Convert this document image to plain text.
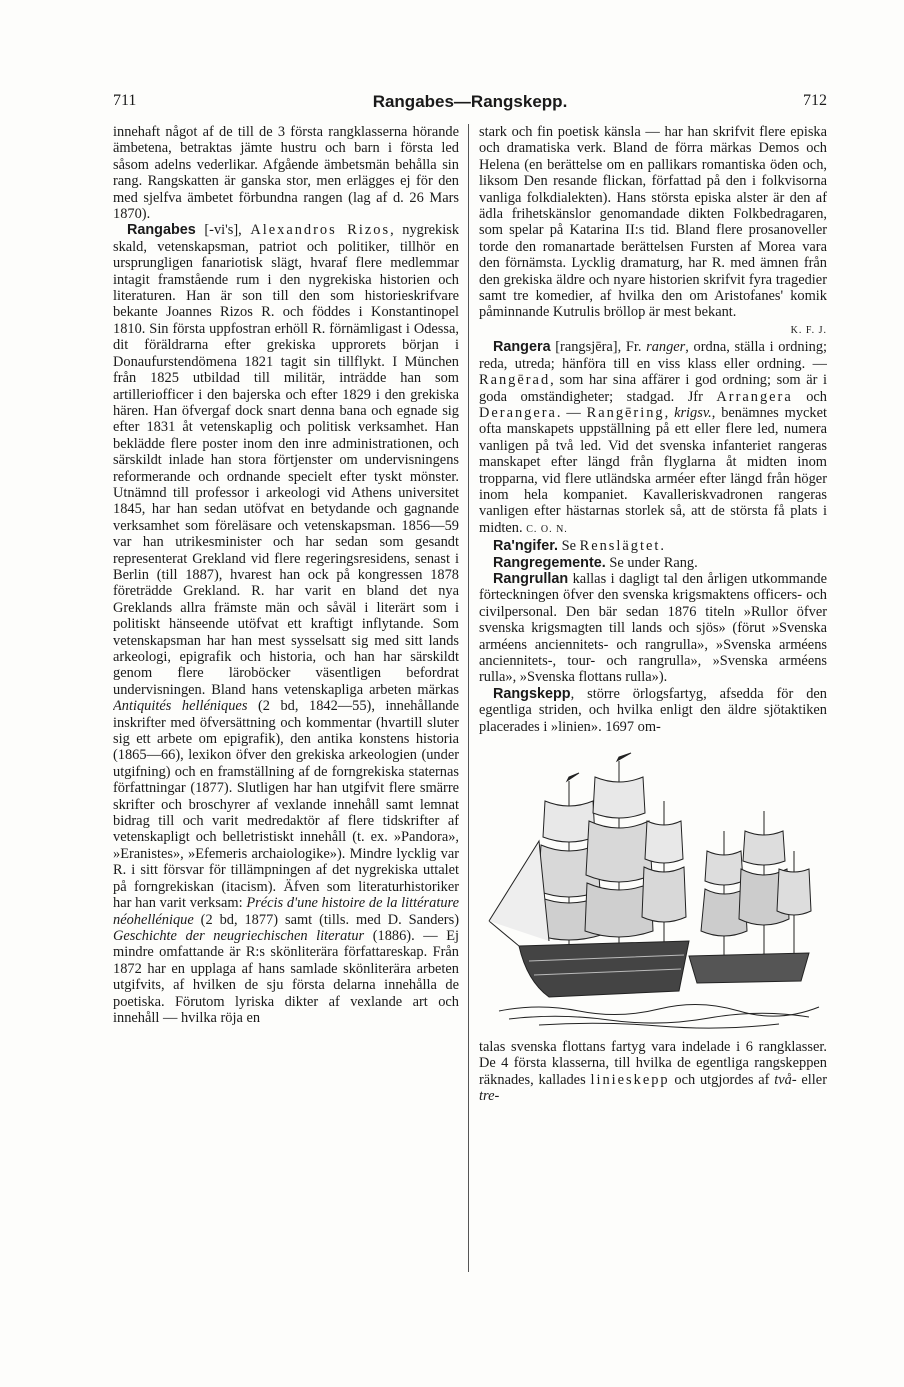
711	Rangabes—Rangskepp.	712

innehaft något af de till de 3 första rangklasserna hörande ämbetena, betraktas jämte hustru och barn i första led såsom adelns vederlikar. Afgående ämbetsmän behålla sin rang. Rangskatten är ganska stor, men erlägges ej för den med sjelfva ämbetet förbundna rangen (lag af d. 26 Mars 1870).

Rangabes [-vi's], Alexandros Rizos, nygrekisk skald, vetenskapsman, patriot och politiker, tillhör en ursprungligen fanariotisk slägt, hvaraf flere medlemmar intagit framstående rum i den nygrekiska historien och literaturen. Han är son till den som historieskrifvare bekante Joannes Rizos R. och föddes i Konstantinopel 1810. Sin första uppfostran erhöll R. förnämligast i Odessa, dit föräldrarna efter grekiska upprorets början i Donaufurstendömena 1821 tagit sin tillflykt. I München från 1825 utbildad till militär, inträdde han som artilleriofficer i den bajerska och efter 1829 i den grekiska hären. Han öfvergaf dock snart denna bana och egnade sig efter 1831 åt vetenskaplig och politisk verksamhet. Han beklädde flere poster inom den inre administrationen, och särskildt inlade han stora förtjenster om undervisningens reformerande och ordnande specielt efter tyskt mönster. Utnämnd till professor i arkeologi vid Athens universitet 1845, har han sedan utöfvat en betydande och gagnande verksamhet som föreläsare och vetenskapsman. 1856—59 var han utrikesminister och har sedan som gesandt representerat Grekland vid flere regeringsresidens, senast i Berlin (till 1887), hvarest han ock på kongressen 1878 företrädde Grekland. R. har varit en bland det nya Greklands allra främste män och såväl i literärt som i politiskt hänseende utöfvat ett kraftigt inflytande. Som vetenskapsman har han mest sysselsatt sig med sitt lands arkeologi, epigrafik och historia, och han har särskildt genom flere läroböcker väsentligen befordrat undervisningen. Bland hans vetenskapliga arbeten märkas Antiquités helléniques (2 bd, 1842—55), innehållande inskrifter med öfversättning och kommentar (hvartill sluter sig ett arbete om epigrafik), den antika konstens historia (1865—66), lexikon öfver den grekiska arkeologien (under utgifning) och en framställning af de forngrekiska staternas författningar (1877). Slutligen har han utgifvit flere smärre skrifter och broschyrer af vexlande innehåll samt lemnat bidrag till och varit medredaktör af flere tidskrifter af vetenskapligt och belletristiskt innehåll (t. ex. »Pandora», »Eranistes», »Efemeris archaiologike»). Mindre lycklig var R. i sitt försvar för tillämpningen af det nygrekiska uttalet på forngrekiskan (itacism). Äfven som literaturhistoriker har han varit verksam: Précis d'une histoire de la littérature néohellénique (2 bd, 1877) samt (tills. med D. Sanders) Geschichte der neugriechischen literatur (1886). — Ej mindre omfattande är R:s skönliterära författareskap. Från 1872 har en upplaga af hans samlade skönliterära arbeten utgifvits, af hvilken de sju första delarna innehålla de poetiska. Förutom lyriska dikter af vexlande art och innehåll — hvilka röja en

stark och fin poetisk känsla — har han skrifvit flere episka och dramatiska verk. Bland de förra märkas Demos och Helena (en berättelse om en pallikars romantiska öden och, liksom Den resande flickan, författad på den i folkvisorna vanliga folkdialekten). Hans största episka alster är den af ädla frihetskänslor genomandade dikten Folkbedragaren, som spelar på Katarina II:s tid. Bland flere prosanoveller torde den romanartade berättelsen Fursten af Morea vara den förnämsta. Lycklig dramaturg, har R. med ämnen från den grekiska äldre och nyare historien skrifvit fyra tragedier samt tre komedier, af hvilka den om Aristofanes' komik påminnande Kutrulis bröllop är mest bekant.

K. F. J.

Rangera [rangsjēra], Fr. ranger, ordna, ställa i ordning; reda, utreda; hänföra till en viss klass eller ordning. — Rangērad, som har sina affärer i god ordning; som är i goda omständigheter; stadgad. Jfr Arrangera och Derangera. — Rangēring, krigsv., benämnes mycket ofta manskapets uppställning på ett eller flere led, numera vanligen på två led. Vid det svenska infanteriet rangeras manskapet efter längd från flyglarna åt midten inom tropparna, vid flere utländska arméer efter längd från höger inom hela kompaniet. Kavalleriskvadronen rangeras vanligen efter hästarnas storlek så, att de största få plats i midten. C. O. N.

Ra'ngifer. Se Renslägtet.

Rangregemente. Se under Rang.

Rangrullan kallas i dagligt tal den årligen utkommande förteckningen öfver den svenska krigsmaktens officers- och civilpersonal. Den bär sedan 1876 titeln »Rullor öfver svenska krigsmagten till lands och sjös» (förut »Svenska arméens anciennitets- och rangrulla», »Svenska arméens anciennitets-, tour- och rangrulla», »Svenska arméens rulla», »Svenska flottans rulla»).

Rangskepp, större örlogsfartyg, afsedda för den egentliga striden, och hvilka enligt den äldre sjötaktiken placerades i »linien». 1697 om-

talas svenska flottans fartyg vara indelade i 6 rangklasser. De 4 första klasserna, till hvilka de egentliga rangskeppen räknades, kallades linieskepp och utgjordes af två- eller tre-
